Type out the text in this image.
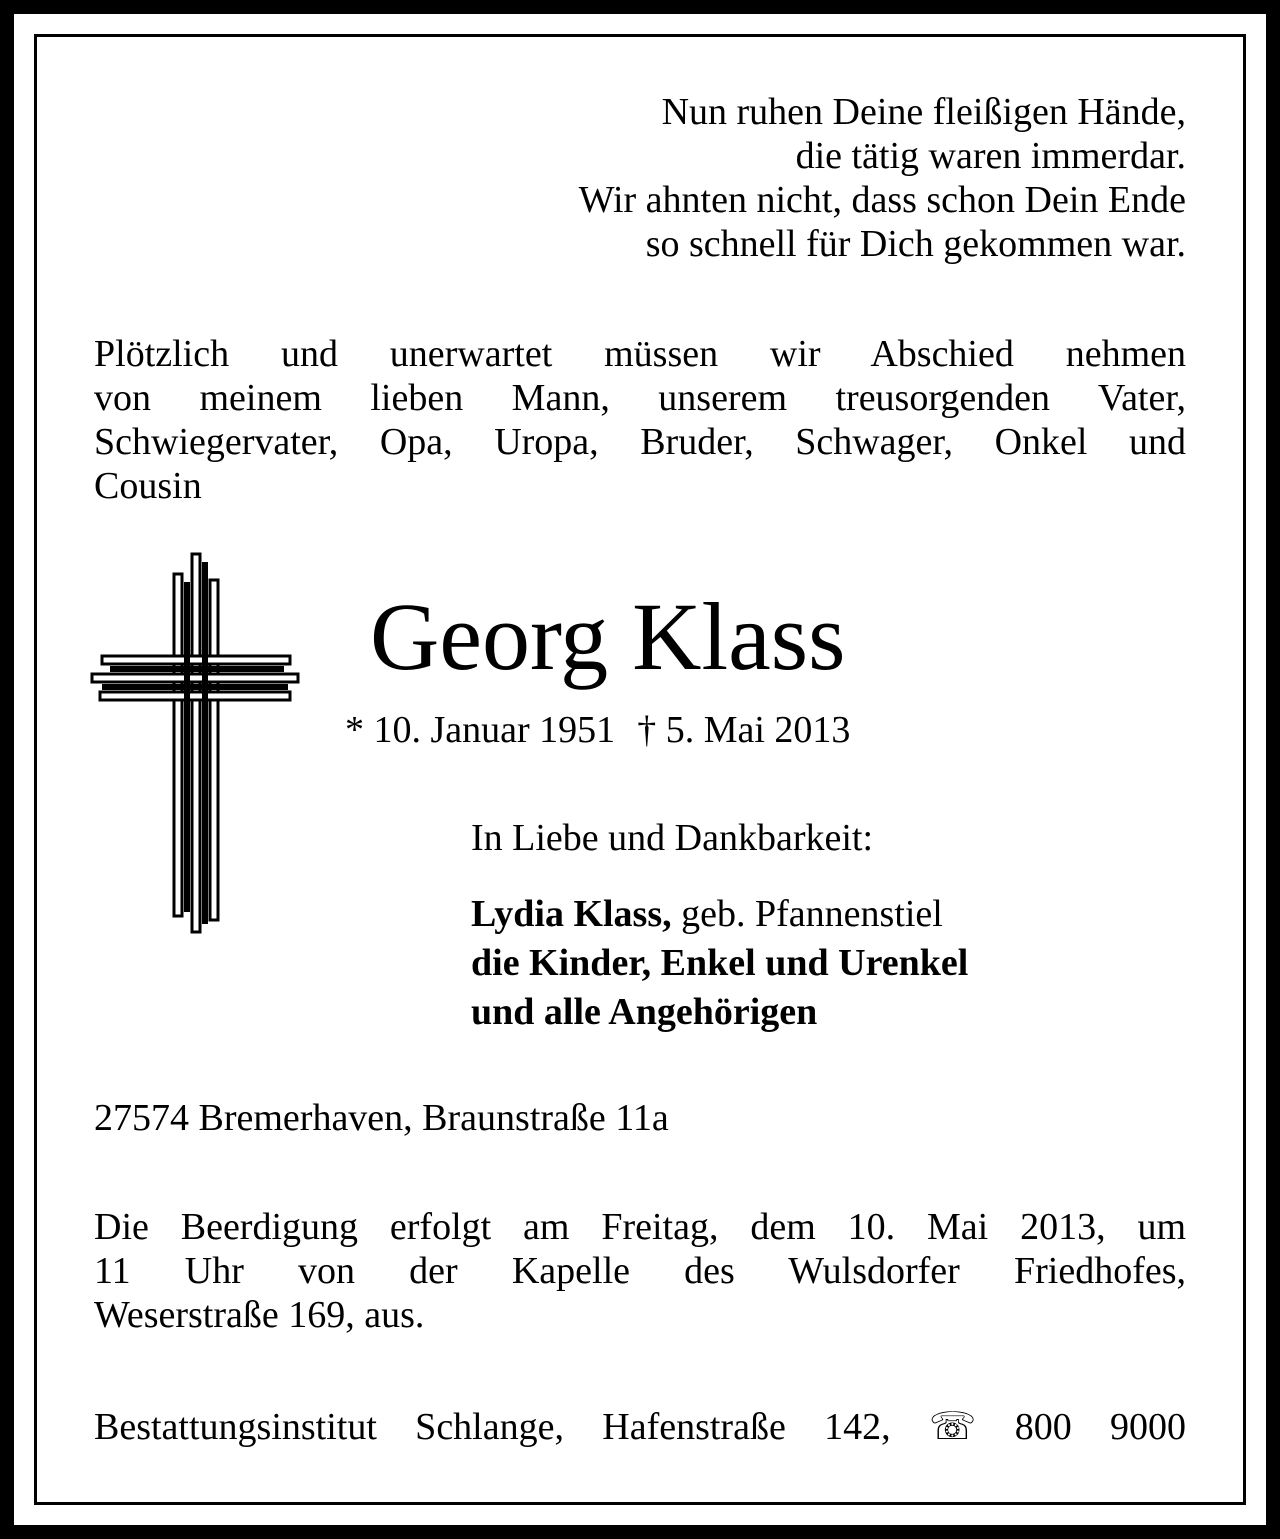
Nun ruhen Deine fleißigen Hände,
die tätig waren immerdar.
Wir ahnten nicht, dass schon Dein Ende
so schnell für Dich gekommen war.
Plötzlich und unerwartet müssen wir Abschied nehmen
von meinem lieben Mann, unserem treusorgenden Vater,
Schwiegervater, Opa, Uropa, Bruder, Schwager, Onkel und
Cousin
Georg Klass
* 10. Januar 1951 † 5. Mai 2013
In Liebe und Dankbarkeit:
Lydia Klass, geb. Pfannenstiel
die Kinder, Enkel und Urenkel
und alle Angehörigen
27574 Bremerhaven, Braunstraße 11a
Die Beerdigung erfolgt am Freitag, dem 10. Mai 2013, um
11 Uhr von der Kapelle des Wulsdorfer Friedhofes,
Weserstraße 169, aus.
Bestattungsinstitut Schlange, Hafenstraße 142, ☏ 800 9000
